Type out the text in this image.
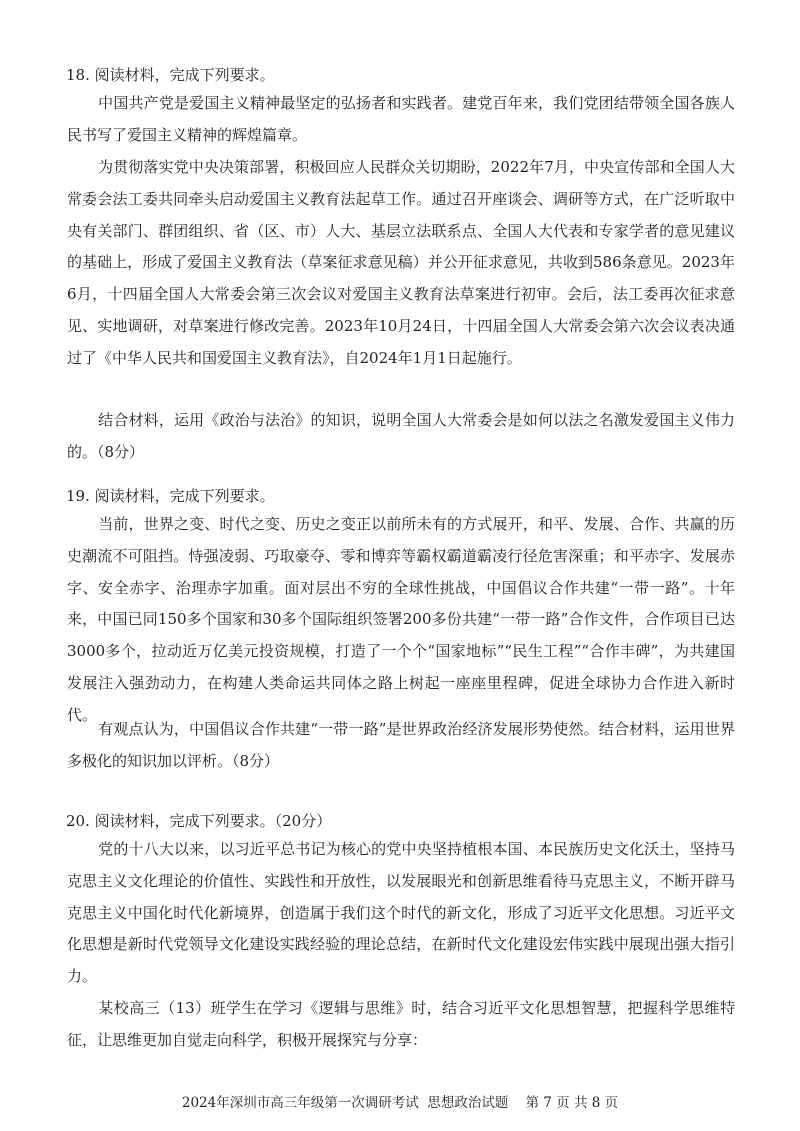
18. 阅读材料，完成下列要求。

中国共产党是爱国主义精神最坚定的弘扬者和实践者。建党百年来，我们党团结带领全国各族人民书写了爱国主义精神的辉煌篇章。

为贯彻落实党中央决策部署，积极回应人民群众关切期盼，2022年7月，中央宣传部和全国人大常委会法工委共同牵头启动爱国主义教育法起草工作。通过召开座谈会、调研等方式，在广泛听取中央有关部门、群团组织、省（区、市）人大、基层立法联系点、全国人大代表和专家学者的意见建议的基础上，形成了爱国主义教育法（草案征求意见稿）并公开征求意见，共收到586条意见。2023年6月，十四届全国人大常委会第三次会议对爱国主义教育法草案进行初审。会后，法工委再次征求意见、实地调研，对草案进行修改完善。2023年10月24日，十四届全国人大常委会第六次会议表决通过了《中华人民共和国爱国主义教育法》，自2024年1月1日起施行。

结合材料，运用《政治与法治》的知识，说明全国人大常委会是如何以法之名激发爱国主义伟力的。（8分）

19. 阅读材料，完成下列要求。

当前，世界之变、时代之变、历史之变正以前所未有的方式展开，和平、发展、合作、共赢的历史潮流不可阻挡。恃强凌弱、巧取豪夺、零和博弈等霸权霸道霸凌行径危害深重；和平赤字、发展赤字、安全赤字、治理赤字加重。面对层出不穷的全球性挑战，中国倡议合作共建“一带一路”。十年来，中国已同150多个国家和30多个国际组织签署200多份共建“一带一路”合作文件，合作项目已达3000多个，拉动近万亿美元投资规模，打造了一个个“国家地标”“民生工程”“合作丰碑”，为共建国发展注入强劲动力，在构建人类命运共同体之路上树起一座座里程碑，促进全球协力合作进入新时代。

有观点认为，中国倡议合作共建“一带一路”是世界政治经济发展形势使然。结合材料，运用世界多极化的知识加以评析。（8分）

20. 阅读材料，完成下列要求。（20分）

党的十八大以来，以习近平总书记为核心的党中央坚持植根本国、本民族历史文化沃土，坚持马克思主义文化理论的价值性、实践性和开放性，以发展眼光和创新思维看待马克思主义，不断开辟马克思主义中国化时代化新境界，创造属于我们这个时代的新文化，形成了习近平文化思想。习近平文化思想是新时代党领导文化建设实践经验的理论总结，在新时代文化建设宏伟实践中展现出强大指引力。

某校高三（13）班学生在学习《逻辑与思维》时，结合习近平文化思想智慧，把握科学思维特征，让思维更加自觉走向科学，积极开展探究与分享：

2024年深圳市高三年级第一次调研考试  思想政治试题    第 7 页 共 8 页
